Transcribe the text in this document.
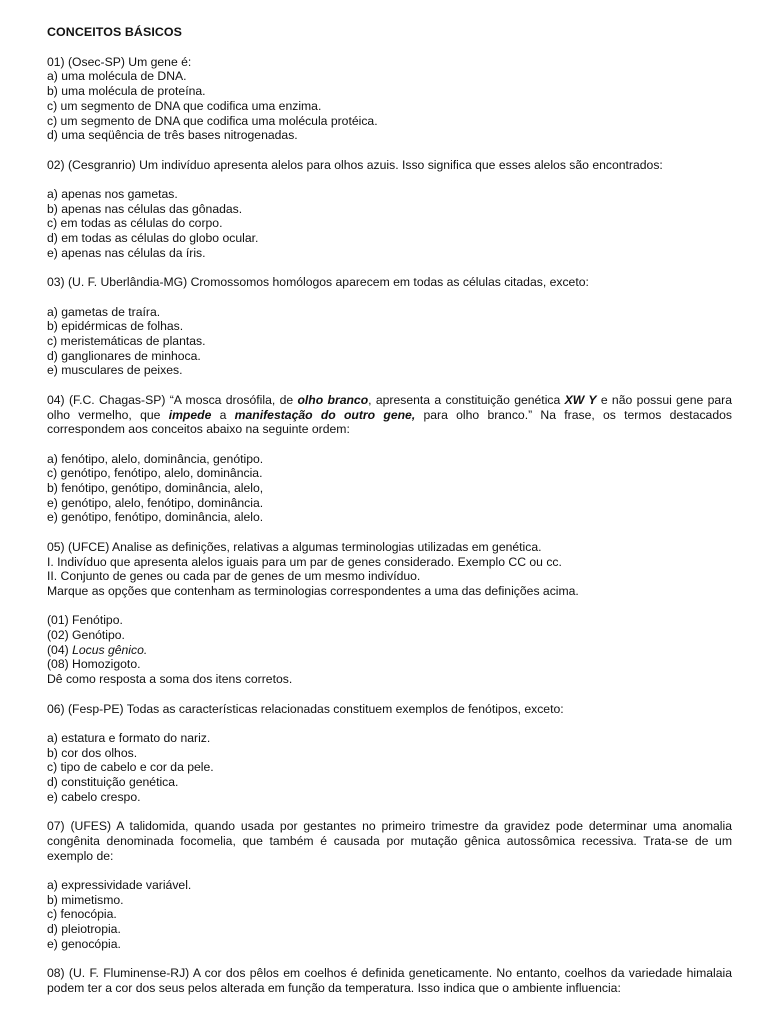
CONCEITOS BÁSICOS
01) (Osec-SP) Um gene é:
a) uma molécula de DNA.
b) uma molécula de proteína.
c) um segmento de DNA que codifica uma enzima.
c) um segmento de DNA que codifica uma molécula protéica.
d) uma seqüência de três bases nitrogenadas.
02) (Cesgranrio) Um indivíduo apresenta alelos para olhos azuis. Isso significa que esses alelos são encontrados:
a) apenas nos gametas.
b) apenas nas células das gônadas.
c) em todas as células do corpo.
d) em todas as células do globo ocular.
e) apenas nas células da íris.
03) (U. F. Uberlândia-MG) Cromossomos homólogos aparecem em todas as células citadas, exceto:
a) gametas de traíra.
b) epidérmicas de folhas.
c) meristemáticas de plantas.
d) ganglionares de minhoca.
e) musculares de peixes.
04) (F.C. Chagas-SP) “A mosca drosófila, de olho branco, apresenta a constituição genética XW Y e não possui gene para olho vermelho, que impede a manifestação do outro gene, para olho branco.” Na frase, os termos destacados correspondem aos conceitos abaixo na seguinte ordem:
a) fenótipo, alelo, dominância, genótipo.
c) genótipo, fenótipo, alelo, dominância.
b) fenótipo, genótipo, dominância, alelo,
e) genótipo, alelo, fenótipo, dominância.
e) genótipo, fenótipo, dominância, alelo.
05) (UFCE) Analise as definições, relativas a algumas terminologias utilizadas em genética.
I. Indivíduo que apresenta alelos iguais para um par de genes considerado. Exemplo CC ou cc.
II. Conjunto de genes ou cada par de genes de um mesmo indivíduo.
Marque as opções que contenham as terminologias correspondentes a uma das definições acima.
(01) Fenótipo.
(02) Genótipo.
(04) Locus gênico.
(08) Homozigoto.
Dê como resposta a soma dos itens corretos.
06) (Fesp-PE) Todas as características relacionadas constituem exemplos de fenótipos, exceto:
a) estatura e formato do nariz.
b) cor dos olhos.
c) tipo de cabelo e cor da pele.
d) constituição genética.
e) cabelo crespo.
07) (UFES) A talidomida, quando usada por gestantes no primeiro trimestre da gravidez pode determinar uma anomalia congênita denominada focomelia, que também é causada por mutação gênica autossômica recessiva. Trata-se de um exemplo de:
a) expressividade variável.
b) mimetismo.
c) fenocópia.
d) pleiotropia.
e) genocópia.
08) (U. F. Fluminense-RJ) A cor dos pêlos em coelhos é definida geneticamente. No entanto, coelhos da variedade himalaia podem ter a cor dos seus pelos alterada em função da temperatura. Isso indica que o ambiente influencia:
